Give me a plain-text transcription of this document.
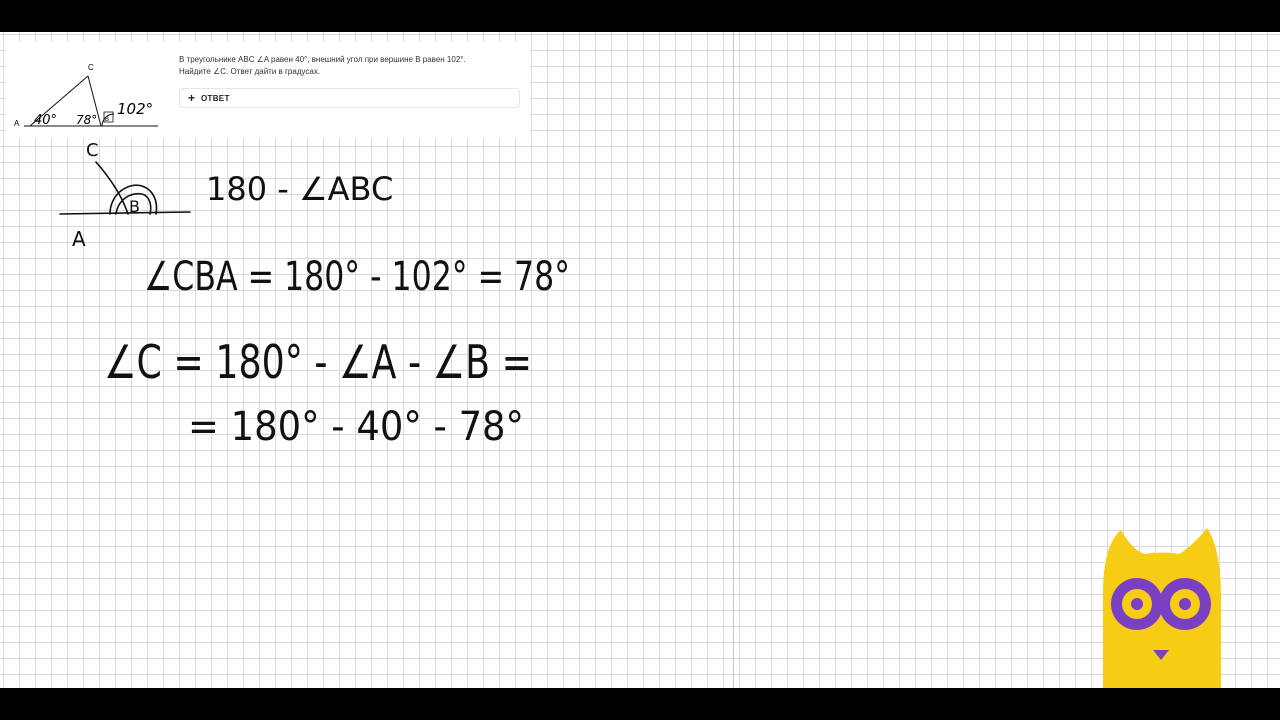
A
C
B
40° 78°
102°

В треугольнике ABC ∠A равен 40°, внешний угол при вершине B равен 102°.
Найдите ∠C. Ответ дайти в градусах.

+ ОТВЕТ
C
B
A
180 - ∠ABC
∠CBA = 180° - 102° = 78°
∠C = 180° - ∠A - ∠B =
= 180° - 40° - 78°
